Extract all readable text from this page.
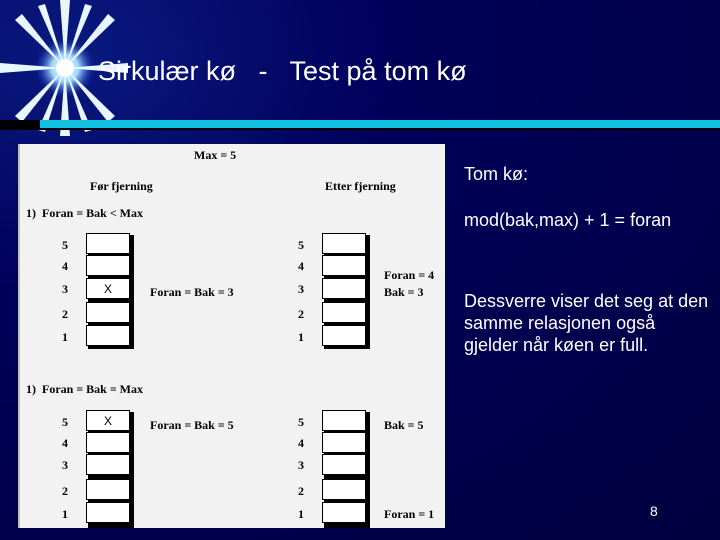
Sirkulær kø   -   Test på tom kø
Max = 5
Før fjerning	Etter fjerning
1)  Foran = Bak < Max
1)  Foran = Bak = Max
X
5
4
3
2
1
Foran = Bak = 3
5
4
3
2
1
Foran = 4
Bak = 3
X
5
4
3
2
1
Foran = Bak = 5	5
4
3
2
1
Bak = 5
Foran = 1
Tom kø:
mod(bak,max) + 1 = foran
Dessverre viser det seg at den samme relasjonen også gjelder når køen er full.
8
